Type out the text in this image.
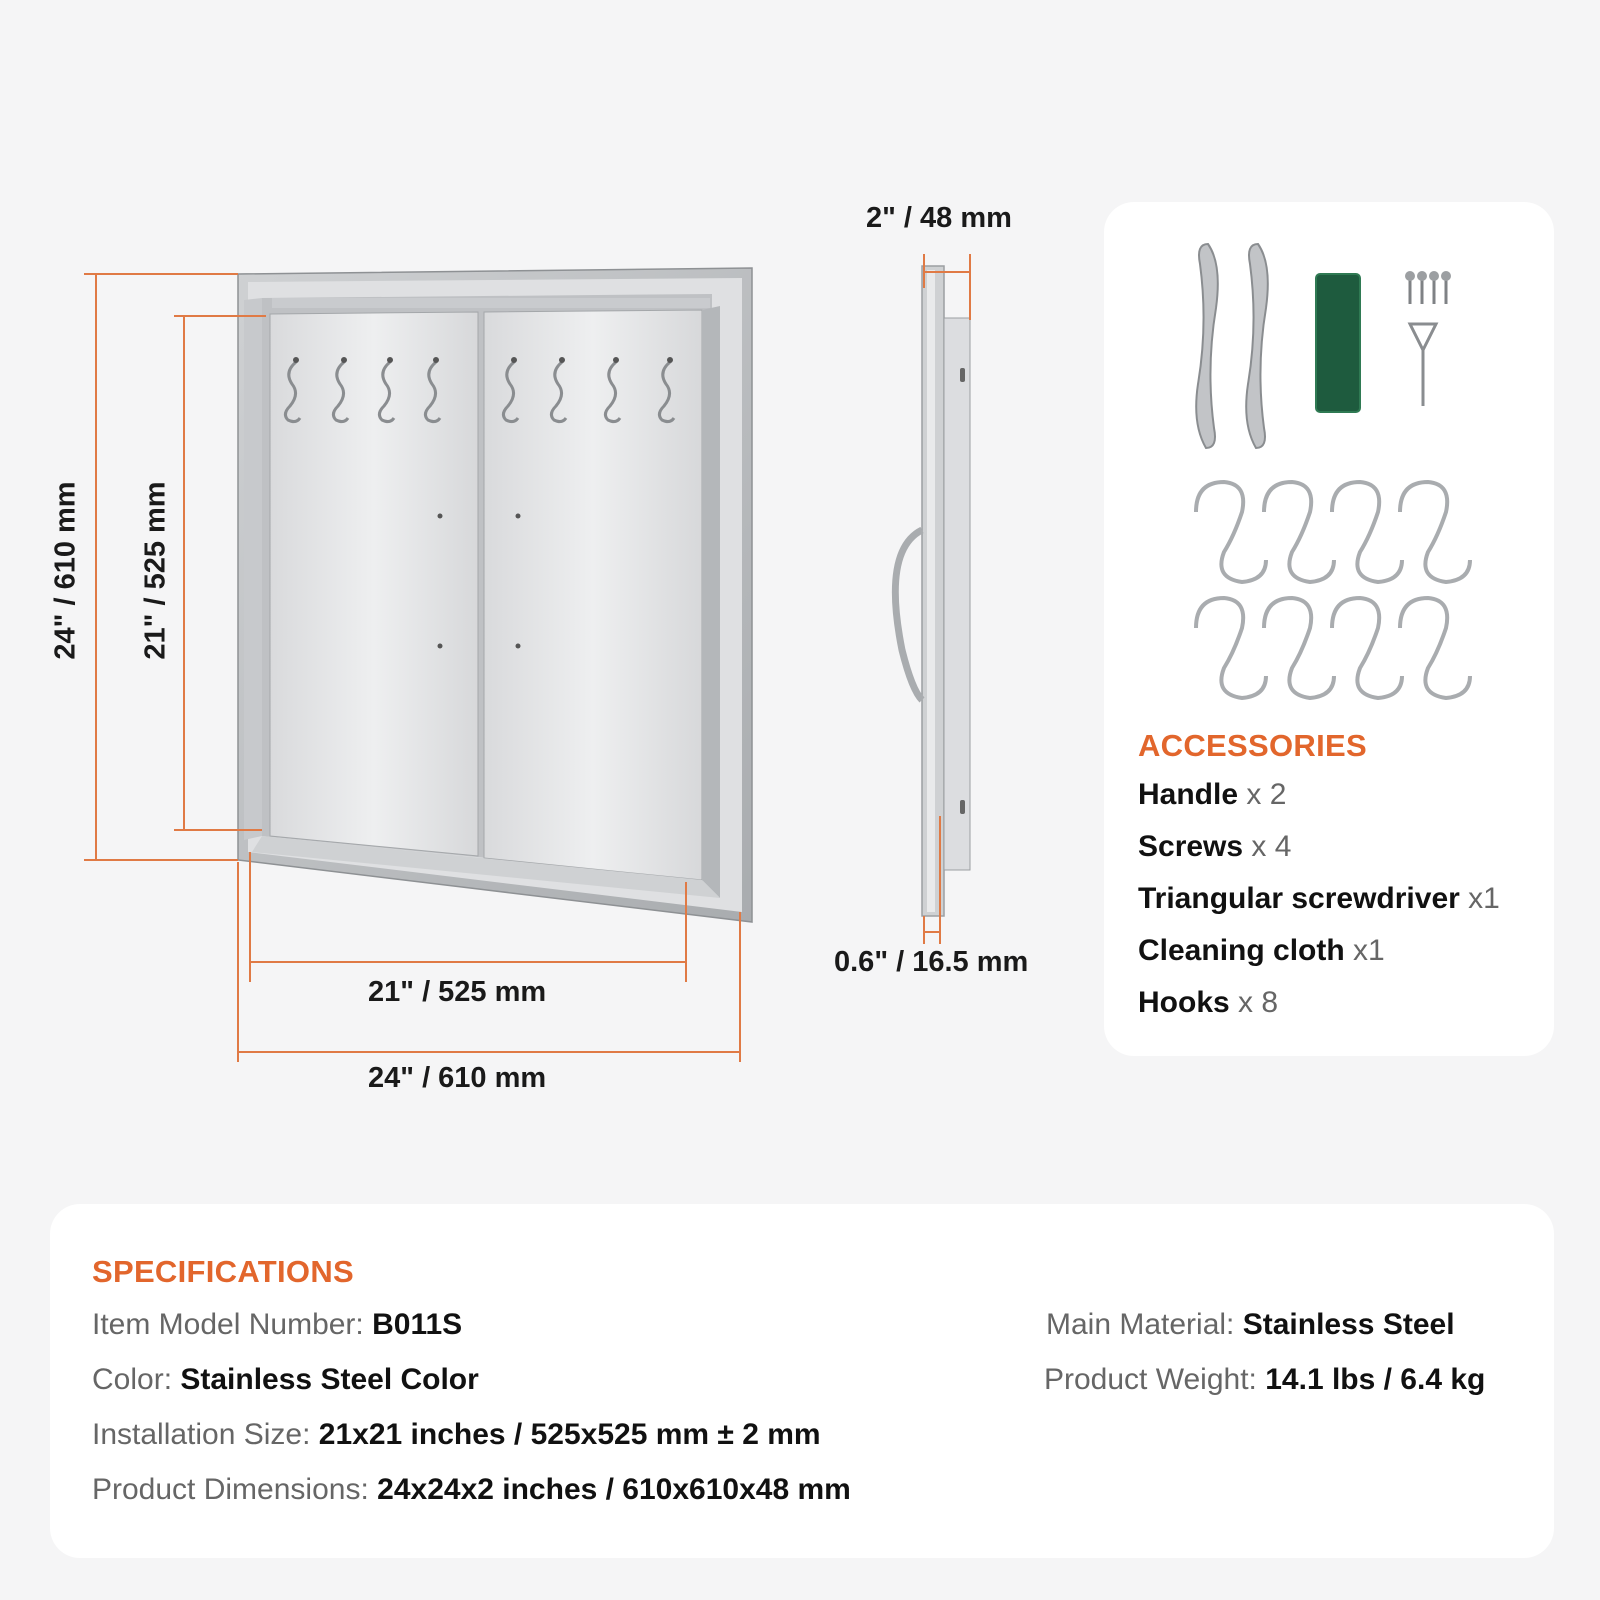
24" / 610 mm 21" / 525 mm
21" / 525 mm
24" / 610 mm
2" / 48 mm
0.6" / 16.5 mm
ACCESSORIES
Handle x 2
Screws x 4
Triangular screwdriver x1
Cleaning cloth x1
Hooks x 8
SPECIFICATIONS
Item Model Number: B011S
Color: Stainless Steel Color
Installation Size: 21x21 inches / 525x525 mm ± 2 mm
Product Dimensions: 24x24x2 inches / 610x610x48 mm
Main Material: Stainless Steel
Product Weight: 14.1 lbs / 6.4 kg
